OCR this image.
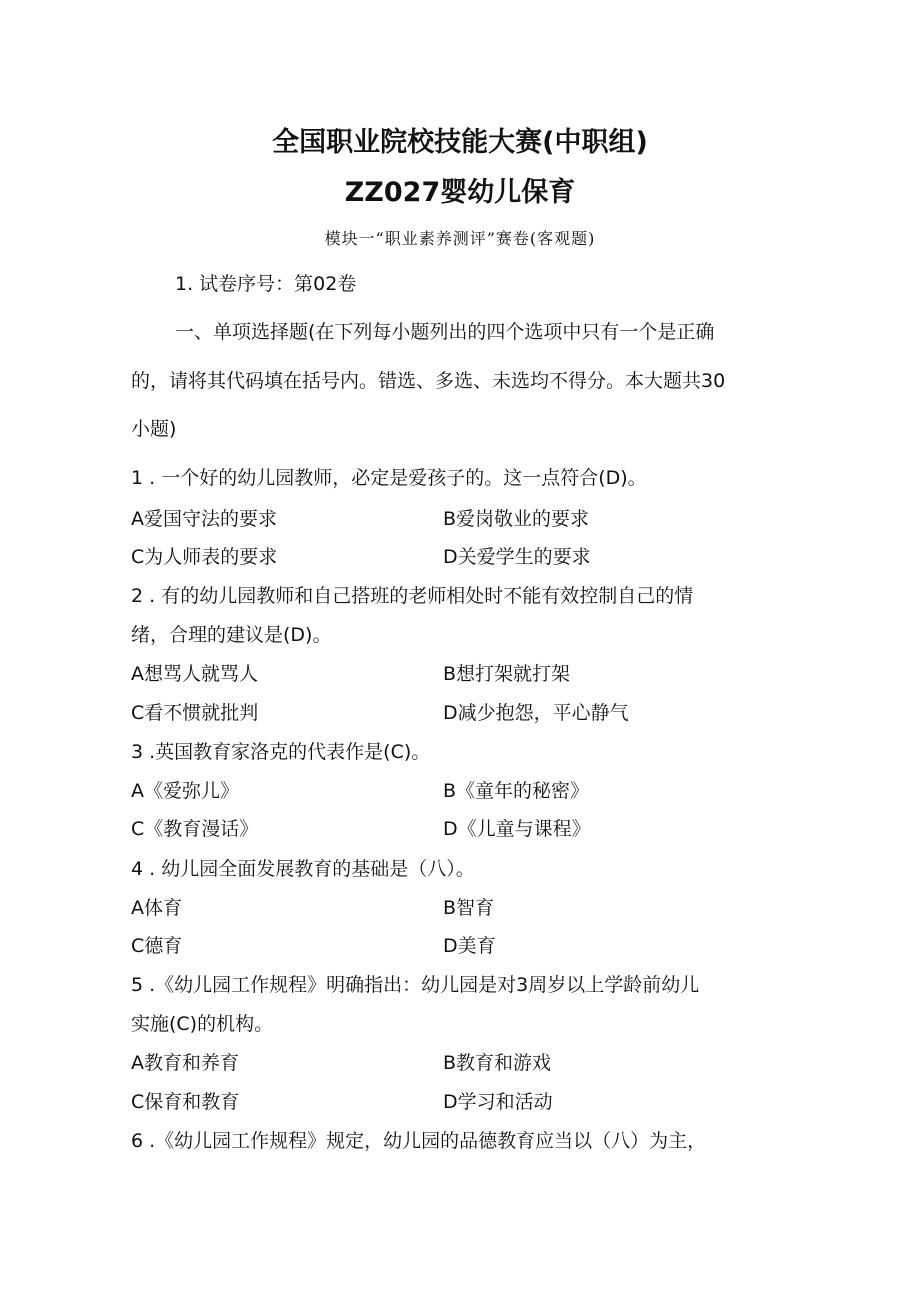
全国职业院校技能大赛(中职组)
ZZ027婴幼儿保育
模块一“职业素养测评”赛卷(客观题)
1. 试卷序号：第02卷
一、单项选择题(在下列每小题列出的四个选项中只有一个是正确
的，请将其代码填在括号内。错选、多选、未选均不得分。本大题共30
小题)
1 . 一个好的幼儿园教师，必定是爱孩子的。这一点符合(D)。
A爱国守法的要求	B爱岗敬业的要求
C为人师表的要求	D关爱学生的要求
2 . 有的幼儿园教师和自己搭班的老师相处时不能有效控制自己的情
绪，合理的建议是(D)。
A想骂人就骂人	B想打架就打架
C看不惯就批判	D减少抱怨，平心静气
3 .英国教育家洛克的代表作是(C)。
A《爱弥儿》	B《童年的秘密》
C《教育漫话》	D《儿童与课程》
4 . 幼儿园全面发展教育的基础是（八）。
A体育	B智育
C德育	D美育
5 .《幼儿园工作规程》明确指出：幼儿园是对3周岁以上学龄前幼儿
实施(C)的机构。
A教育和养育	B教育和游戏
C保育和教育	D学习和活动
6 .《幼儿园工作规程》规定，幼儿园的品德教育应当以（八）为主，
